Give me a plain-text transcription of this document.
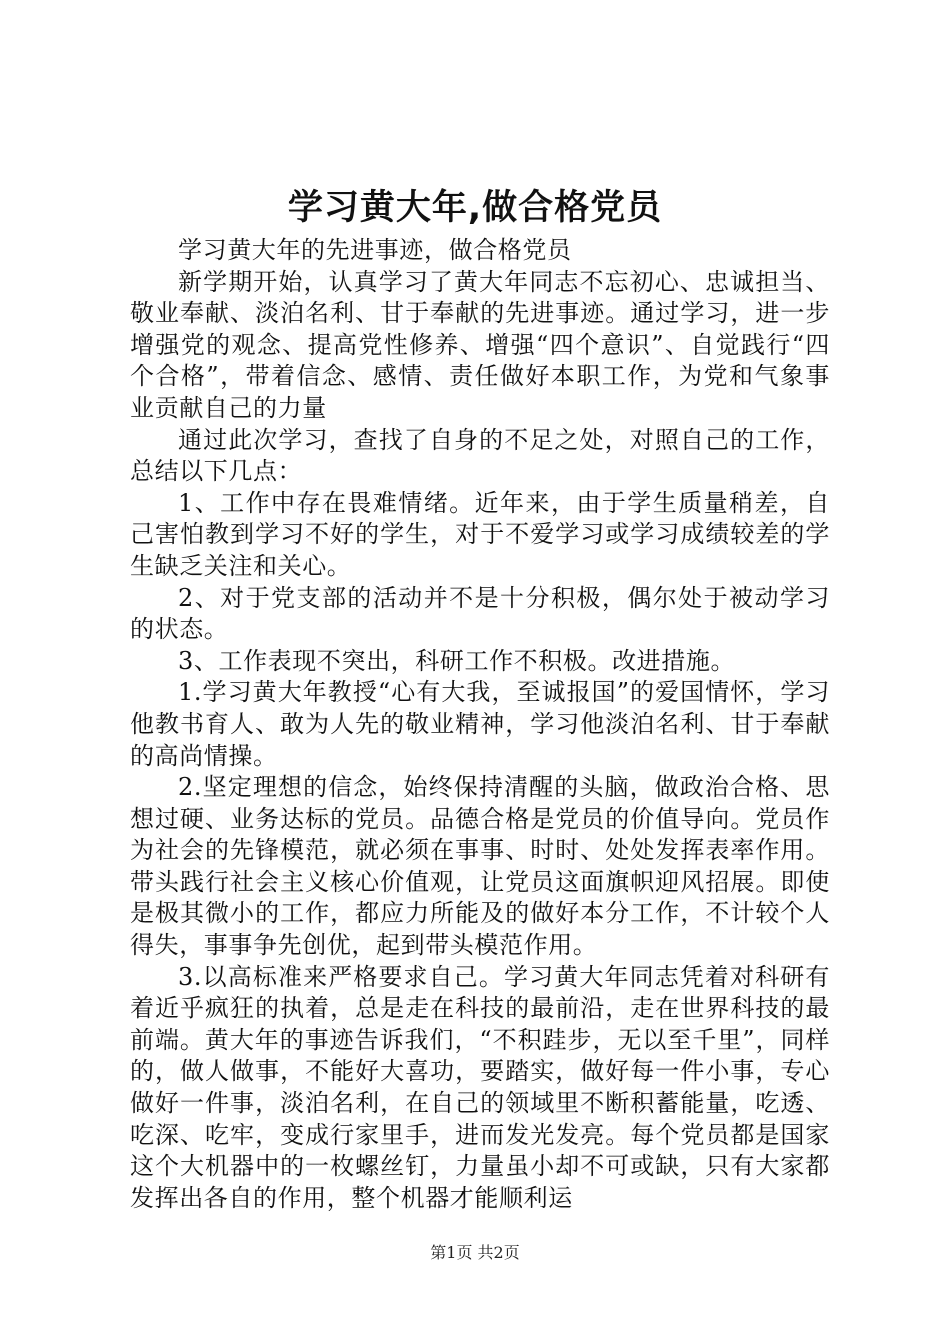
学习黄大年,做合格党员

学习黄大年的先进事迹，做合格党员

新学期开始，认真学习了黄大年同志不忘初心、忠诚担当、敬业奉献、淡泊名利、甘于奉献的先进事迹。通过学习，进一步增强党的观念、提高党性修养、增强“四个意识”、自觉践行“四个合格”，带着信念、感情、责任做好本职工作，为党和气象事业贡献自己的力量

通过此次学习，查找了自身的不足之处，对照自己的工作，总结以下几点：

1、工作中存在畏难情绪。近年来，由于学生质量稍差，自己害怕教到学习不好的学生，对于不爱学习或学习成绩较差的学生缺乏关注和关心。

2、对于党支部的活动并不是十分积极，偶尔处于被动学习的状态。

3、工作表现不突出，科研工作不积极。改进措施。

1.学习黄大年教授“心有大我，至诚报国”的爱国情怀，学习他教书育人、敢为人先的敬业精神，学习他淡泊名利、甘于奉献的高尚情操。

2.坚定理想的信念，始终保持清醒的头脑，做政治合格、思想过硬、业务达标的党员。品德合格是党员的价值导向。党员作为社会的先锋模范，就必须在事事、时时、处处发挥表率作用。带头践行社会主义核心价值观，让党员这面旗帜迎风招展。即使是极其微小的工作，都应力所能及的做好本分工作，不计较个人得失，事事争先创优，起到带头模范作用。

3.以高标准来严格要求自己。学习黄大年同志凭着对科研有着近乎疯狂的执着，总是走在科技的最前沿，走在世界科技的最前端。黄大年的事迹告诉我们，“不积跬步，无以至千里”，同样的，做人做事，不能好大喜功，要踏实，做好每一件小事，专心做好一件事，淡泊名利，在自己的领域里不断积蓄能量，吃透、吃深、吃牢，变成行家里手，进而发光发亮。每个党员都是国家这个大机器中的一枚螺丝钉，力量虽小却不可或缺，只有大家都发挥出各自的作用，整个机器才能顺利运

第1页 共2页
